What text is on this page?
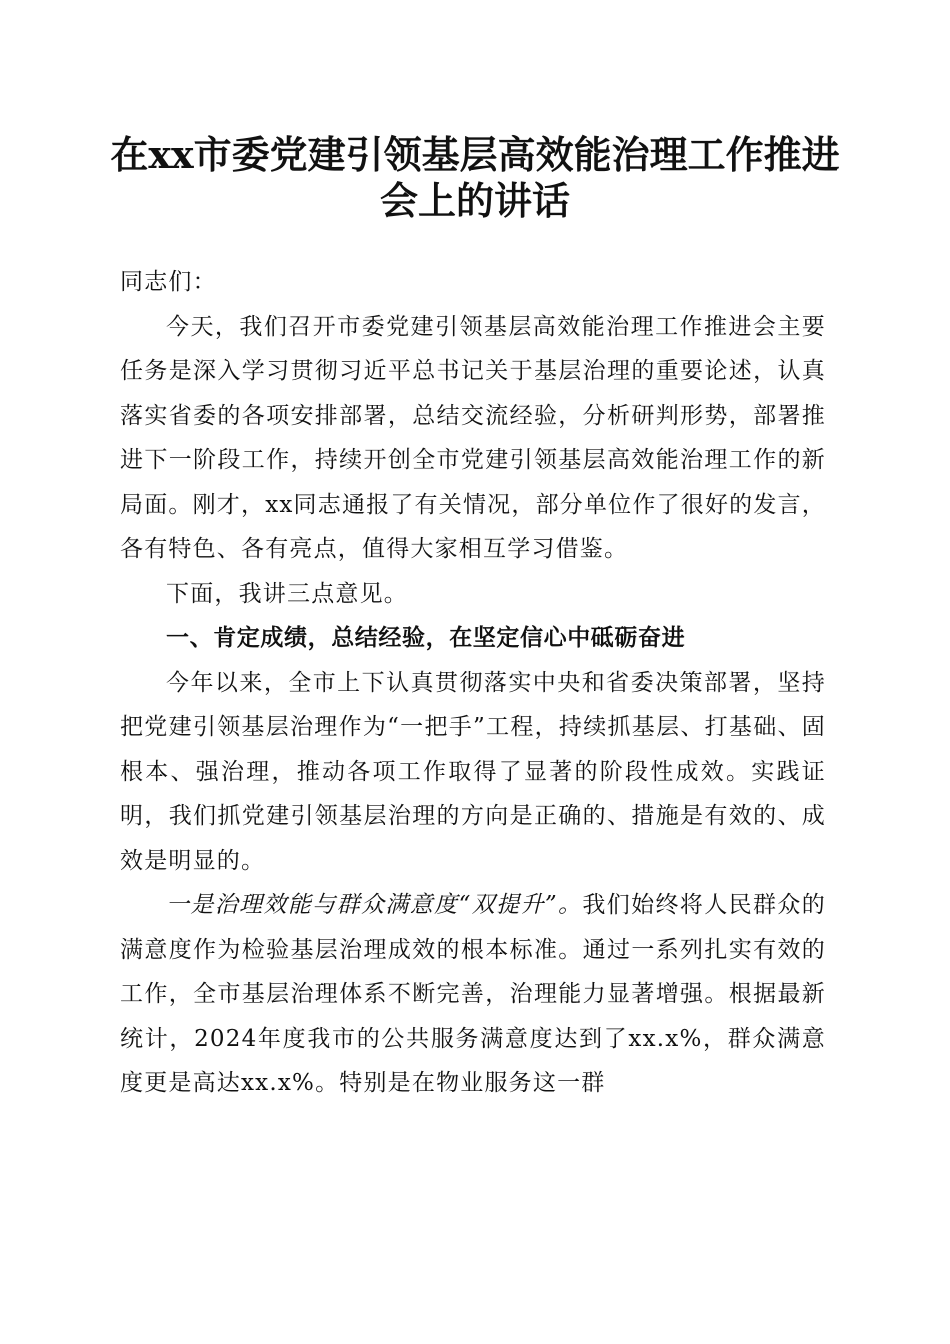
在xx市委党建引领基层高效能治理工作推进会上的讲话

同志们：

今天，我们召开市委党建引领基层高效能治理工作推进会主要任务是深入学习贯彻习近平总书记关于基层治理的重要论述，认真落实省委的各项安排部署，总结交流经验，分析研判形势，部署推进下一阶段工作，持续开创全市党建引领基层高效能治理工作的新局面。刚才，xx同志通报了有关情况，部分单位作了很好的发言，各有特色、各有亮点，值得大家相互学习借鉴。

下面，我讲三点意见。

一、肯定成绩，总结经验，在坚定信心中砥砺奋进

今年以来，全市上下认真贯彻落实中央和省委决策部署，坚持把党建引领基层治理作为“一把手”工程，持续抓基层、打基础、固根本、强治理，推动各项工作取得了显著的阶段性成效。实践证明，我们抓党建引领基层治理的方向是正确的、措施是有效的、成效是明显的。

一是治理效能与群众满意度“双提升”。我们始终将人民群众的满意度作为检验基层治理成效的根本标准。通过一系列扎实有效的工作，全市基层治理体系不断完善，治理能力显著增强。根据最新统计，2024年度我市的公共服务满意度达到了xx.x%，群众满意度更是高达xx.x%。特别是在物业服务这一群
